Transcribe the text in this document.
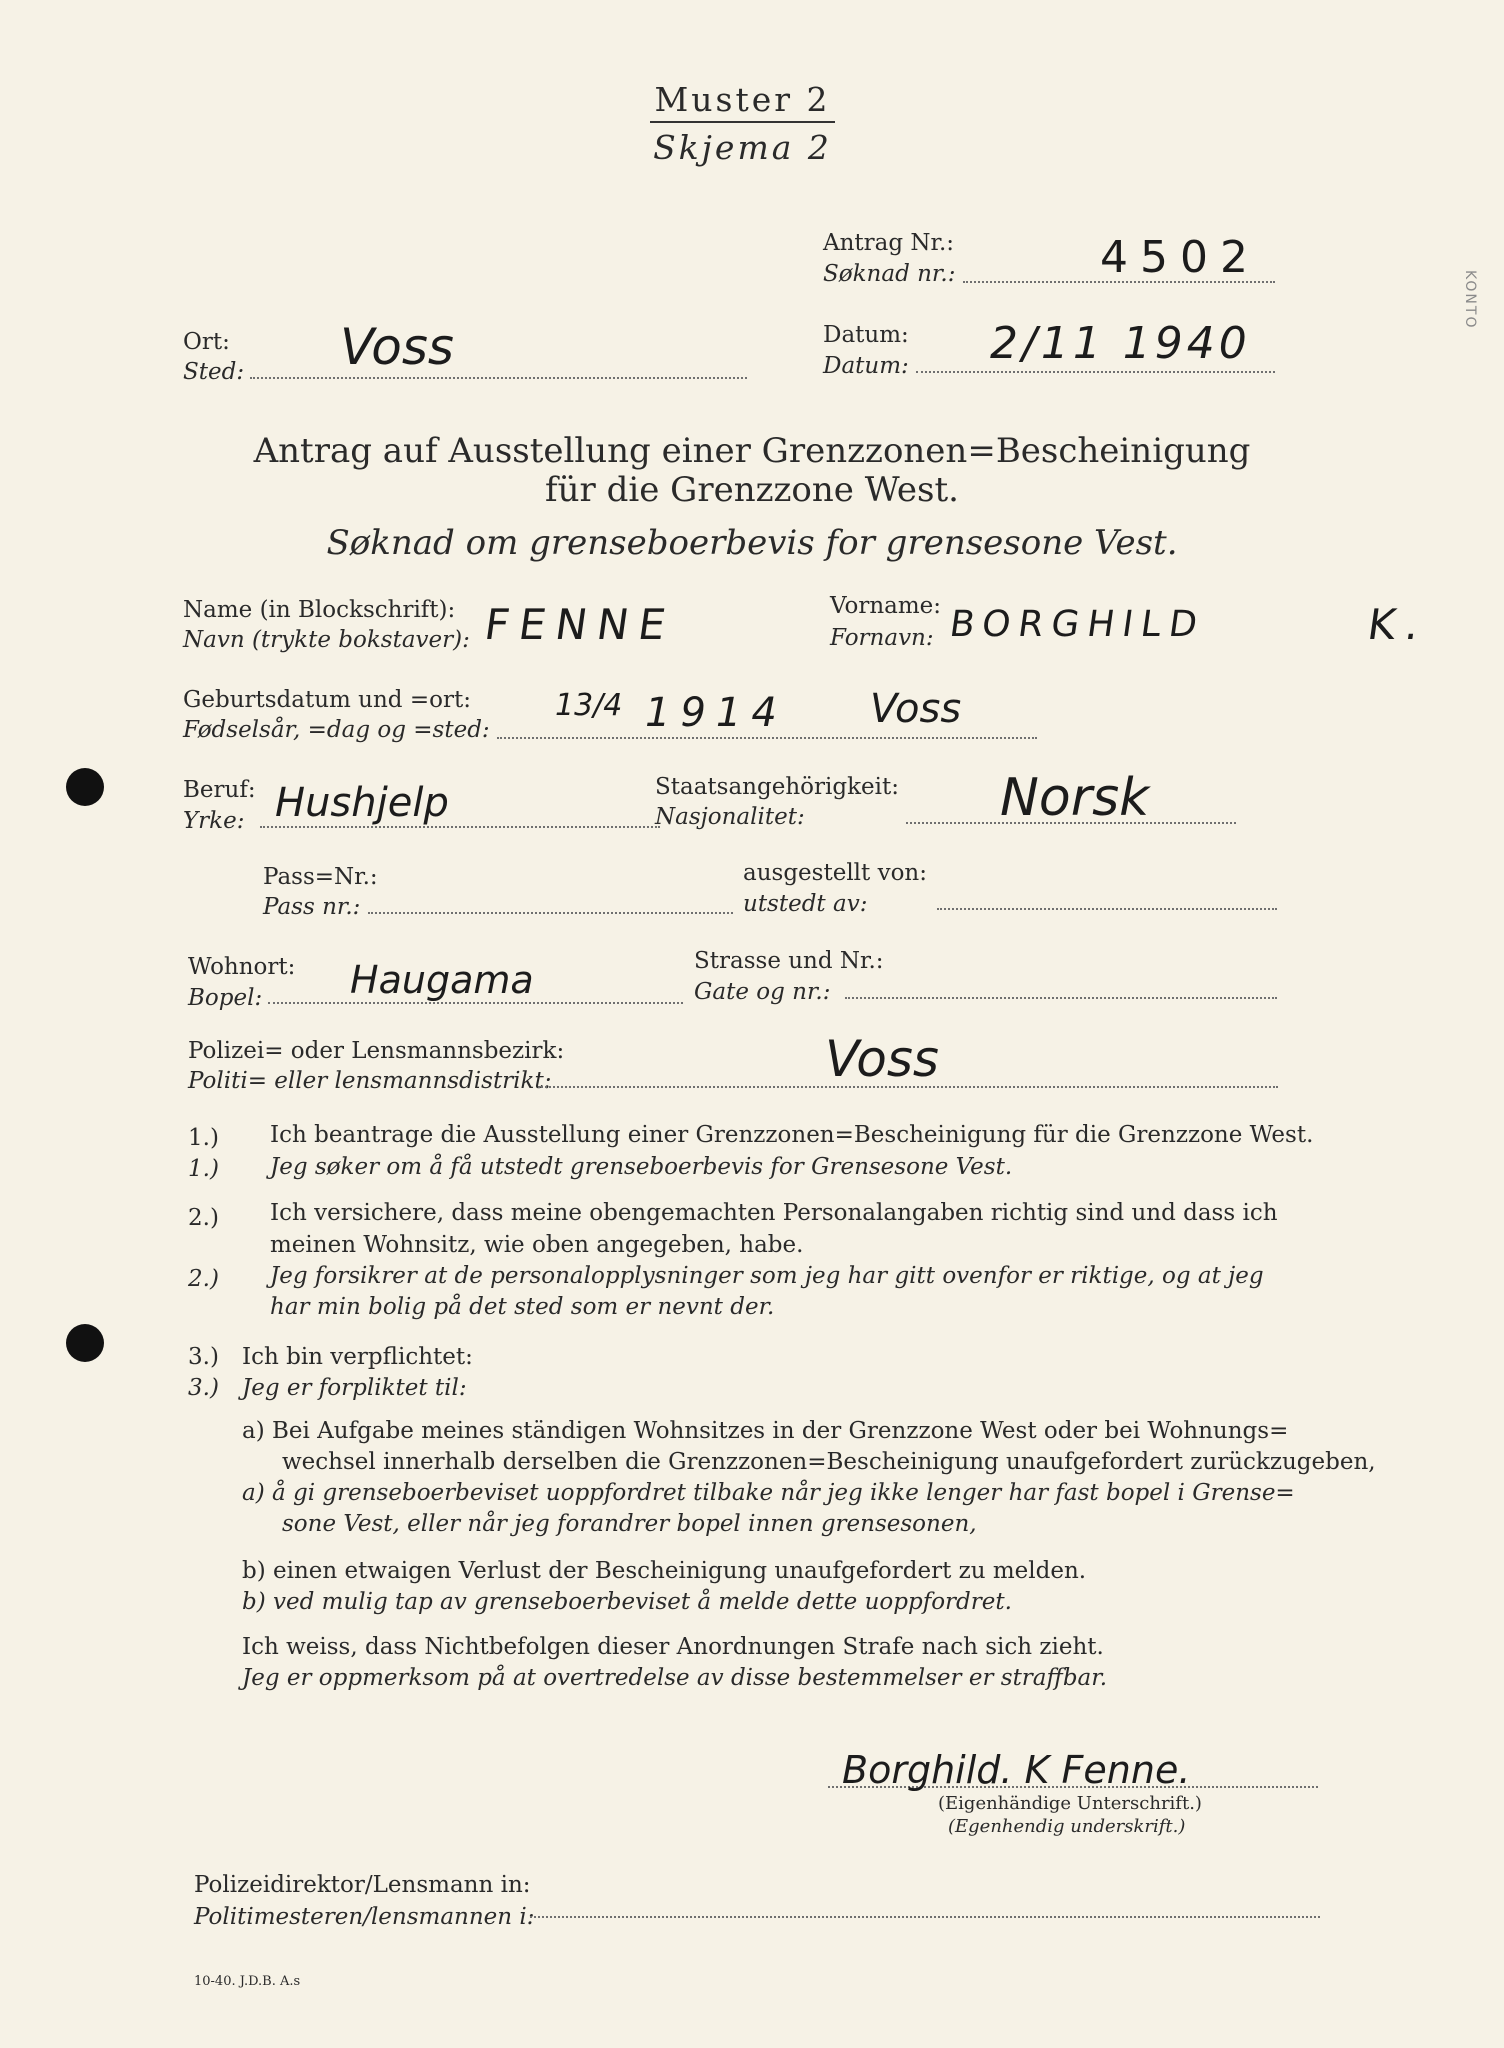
KONTO
Muster 2
Skjema 2
Antrag Nr.:
Søknad nr.:	4502
Ort:
Sted: Voss	Datum:
Datum: 2/11 1940
Antrag auf Ausstellung einer Grenzzonen=Bescheinigung
für die Grenzzone West.
Søknad om grenseboerbevis for grensesone Vest.
Name (in Blockschrift):
Navn (trykte bokstaver): FENNE	Vorname:
Fornavn: BORGHILD	K.
Geburtsdatum und =ort:
Fødselsår, =dag og =sted:
13/4 1914 Voss
Beruf:
Yrke: Hushjelp	Staatsangehörigkeit:
Nasjonalitet:	Norsk
Pass=Nr.:
Pass nr.:
ausgestellt von:
utstedt av:
Wohnort:
Bopel: Haugama	Strasse und Nr.:
Gate og nr.:
Polizei= oder Lensmannsbezirk:
Politi= eller lensmannsdistrikt:	Voss
1.) Ich beantrage die Ausstellung einer Grenzzonen=Bescheinigung für die Grenzzone West.
1.) Jeg søker om å få utstedt grenseboerbevis for Grensesone Vest.
2.) Ich versichere, dass meine obengemachten Personalangaben richtig sind und dass ich
meinen Wohnsitz, wie oben angegeben, habe.
2.) Jeg forsikrer at de personalopplysninger som jeg har gitt ovenfor er riktige, og at jeg
har min bolig på det sted som er nevnt der.
3.) Ich bin verpflichtet:
3.) Jeg er forpliktet til:
a) Bei Aufgabe meines ständigen Wohnsitzes in der Grenzzone West oder bei Wohnungs=
wechsel innerhalb derselben die Grenzzonen=Bescheinigung unaufgefordert zurückzugeben,
a) å gi grenseboerbeviset uoppfordret tilbake når jeg ikke lenger har fast bopel i Grense=
sone Vest, eller når jeg forandrer bopel innen grensesonen,
b) einen etwaigen Verlust der Bescheinigung unaufgefordert zu melden.
b) ved mulig tap av grenseboerbeviset å melde dette uoppfordret.
Ich weiss, dass Nichtbefolgen dieser Anordnungen Strafe nach sich zieht.
Jeg er oppmerksom på at overtredelse av disse bestemmelser er straffbar.
Borghild. K Fenne.
(Eigenhändige Unterschrift.)
(Egenhendig underskrift.)
Polizeidirektor/Lensmann in:
Politimesteren/lensmannen i:
10-40. J.D.B. A.s
